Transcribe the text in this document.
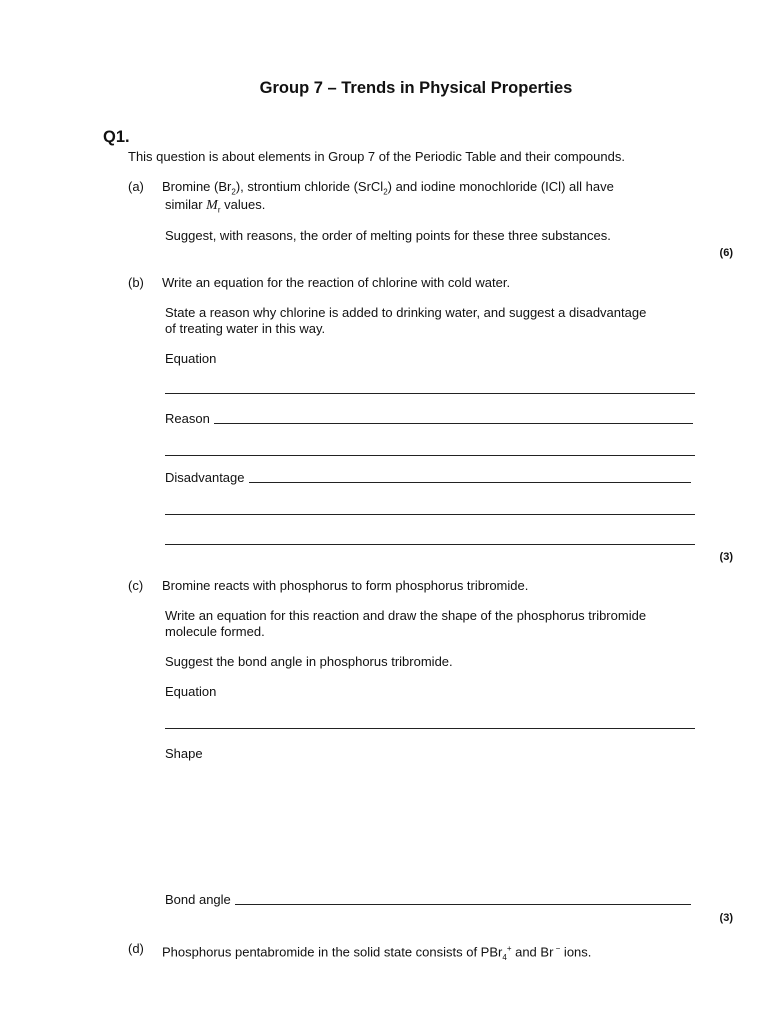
Group 7 – Trends in Physical Properties
Q1.
This question is about elements in Group 7 of the Periodic Table and their compounds.
(a) Bromine $(Br_2)$, strontium chloride (SrCl$_2$) and iodine monochloride (ICl) all have
similar $M_r$ values.
Suggest, with reasons, the order of melting points for these three substances.
(6)
(b) Write an equation for the reaction of chlorine with cold water.
State a reason why chlorine is added to drinking water, and suggest a disadvantage
of treating water in this way.
Equation
Reason
Disadvantage
(3)
(c) Bromine reacts with phosphorus to form phosphorus tribromide.
Write an equation for this reaction and draw the shape of the phosphorus tribromide
molecule formed.
Suggest the bond angle in phosphorus tribromide.
Equation
Shape
Bond angle
(3)
(d) Phosphorus pentabromide in the solid state consists of PBr$_4$+ and Br − ions.
